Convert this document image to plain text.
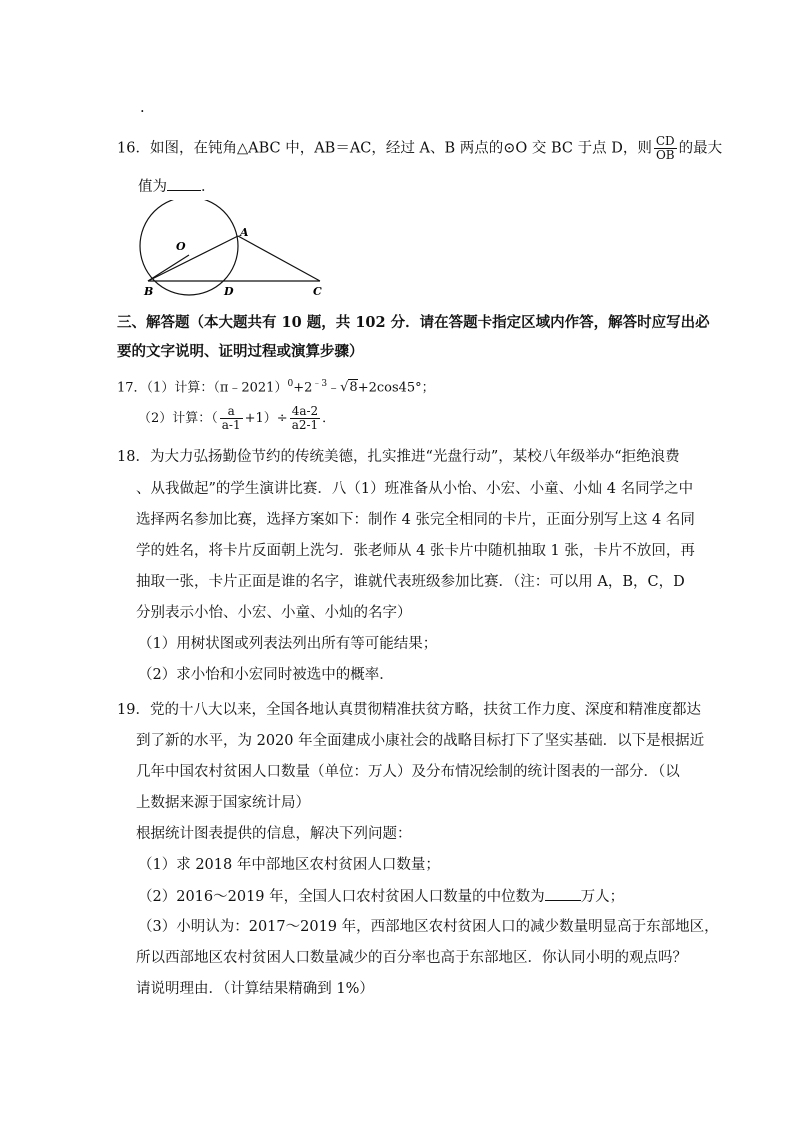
.
16．如图，在钝角△ABC 中，AB＝AC，经过 A、B 两点的⊙O 交 BC 于点 D，则 $\frac{CD}{OB}$ 的最大
值为 ．
O
A
B	D	C
三、解答题（本大题共有 10 题，共 102 分．请在答题卡指定区域内作答，解答时应写出必
要的文字说明、证明过程或演算步骤）
17．（1）计算：$(\pi﹣2021)^0+2^{﹣3}﹣√8+2\cos 45^\circ$；
（2）计算：（ $\frac{a}{a-1} +1)\div \frac{4a-2}{a2-1}$ ．
18．为大力弘扬勤俭节约的传统美德，扎实推进“光盘行动”，某校八年级举办“拒绝浪费
、从我做起”的学生演讲比赛．八（1）班准备从小怡、小宏、小童、小灿 4 名同学之中
选择两名参加比赛，选择方案如下：制作 4 张完全相同的卡片，正面分别写上这 4 名同
学的姓名，将卡片反面朝上洗匀．张老师从 4 张卡片中随机抽取 1 张，卡片不放回，再
抽取一张，卡片正面是谁的名字，谁就代表班级参加比赛．（注：可以用 A，B，C，D
分别表示小怡、小宏、小童、小灿的名字）
（1）用树状图或列表法列出所有等可能结果；
（2）求小怡和小宏同时被选中的概率．
19．党的十八大以来，全国各地认真贯彻精准扶贫方略，扶贫工作力度、深度和精准度都达
到了新的水平，为 2020 年全面建成小康社会的战略目标打下了坚实基础．以下是根据近
几年中国农村贫困人口数量（单位：万人）及分布情况绘制的统计图表的一部分．（以
上数据来源于国家统计局）
根据统计图表提供的信息，解决下列问题：
（1）求 2018 年中部地区农村贫困人口数量；
（2）2016～2019 年，全国人口农村贫困人口数量的中位数为 万人；
（3）小明认为：2017～2019 年，西部地区农村贫困人口的减少数量明显高于东部地区，
所以西部地区农村贫困人口数量减少的百分率也高于东部地区．你认同小明的观点吗？
请说明理由．（计算结果精确到 1%）
